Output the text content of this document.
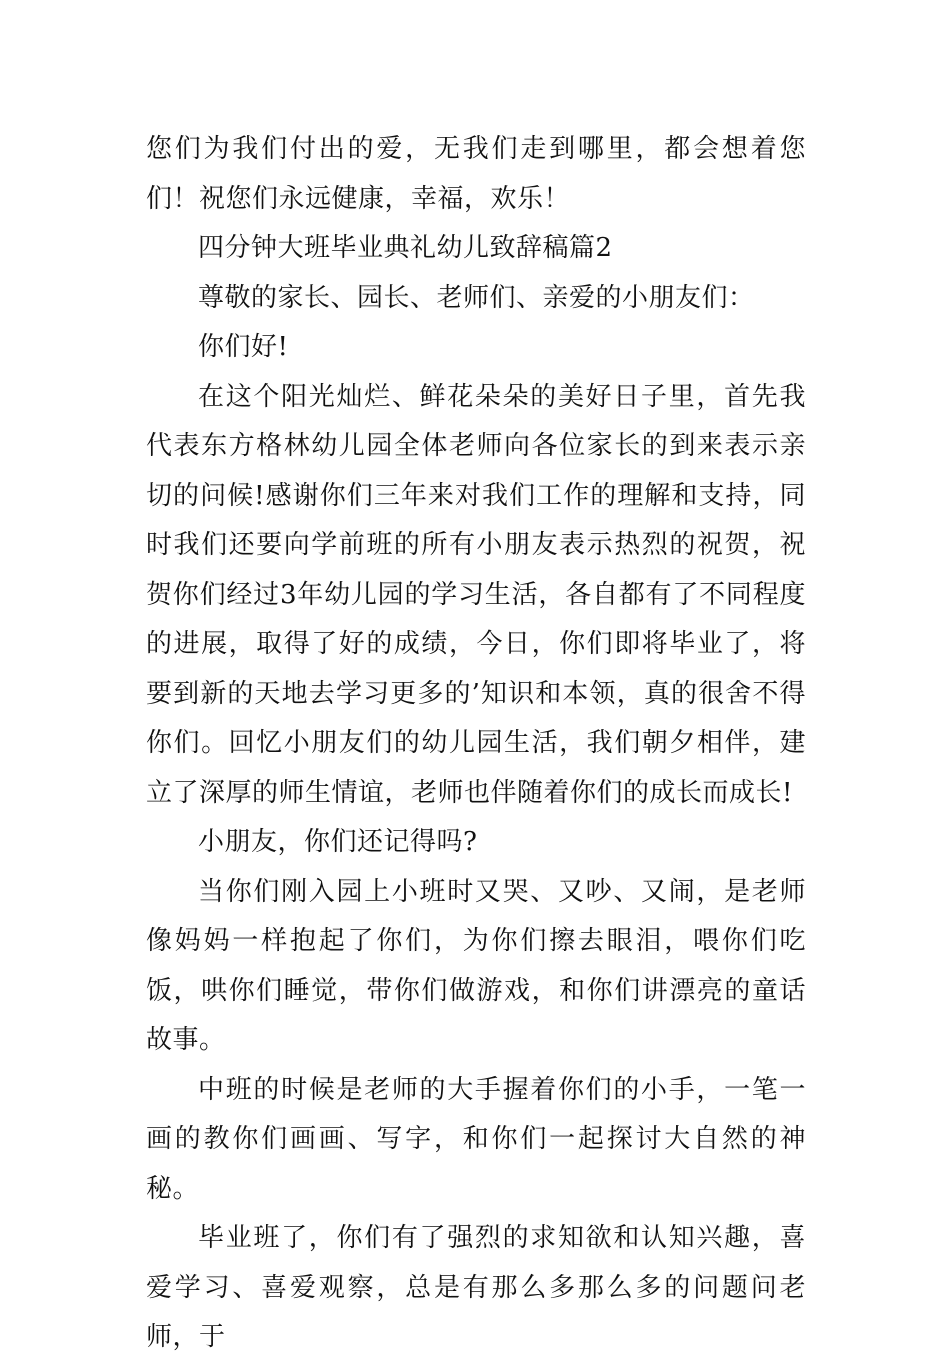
您们为我们付出的爱，无我们走到哪里，都会想着您们！祝您们永远健康，幸福，欢乐！

四分钟大班毕业典礼幼儿致辞稿篇2

尊敬的家长、园长、老师们、亲爱的小朋友们：

你们好!

在这个阳光灿烂、鲜花朵朵的美好日子里，首先我代表东方格林幼儿园全体老师向各位家长的到来表示亲切的问候!感谢你们三年来对我们工作的理解和支持，同时我们还要向学前班的所有小朋友表示热烈的祝贺，祝贺你们经过3年幼儿园的学习生活，各自都有了不同程度的进展，取得了好的成绩，今日，你们即将毕业了，将要到新的天地去学习更多的’知识和本领，真的很舍不得你们。回忆小朋友们的幼儿园生活，我们朝夕相伴，建立了深厚的师生情谊，老师也伴随着你们的成长而成长!

小朋友，你们还记得吗?

当你们刚入园上小班时又哭、又吵、又闹，是老师像妈妈一样抱起了你们，为你们擦去眼泪，喂你们吃饭，哄你们睡觉，带你们做游戏，和你们讲漂亮的童话故事。

中班的时候是老师的大手握着你们的小手，一笔一画的教你们画画、写字，和你们一起探讨大自然的神秘。

毕业班了，你们有了强烈的求知欲和认知兴趣，喜爱学习、喜爱观察，总是有那么多那么多的问题问老师，于
